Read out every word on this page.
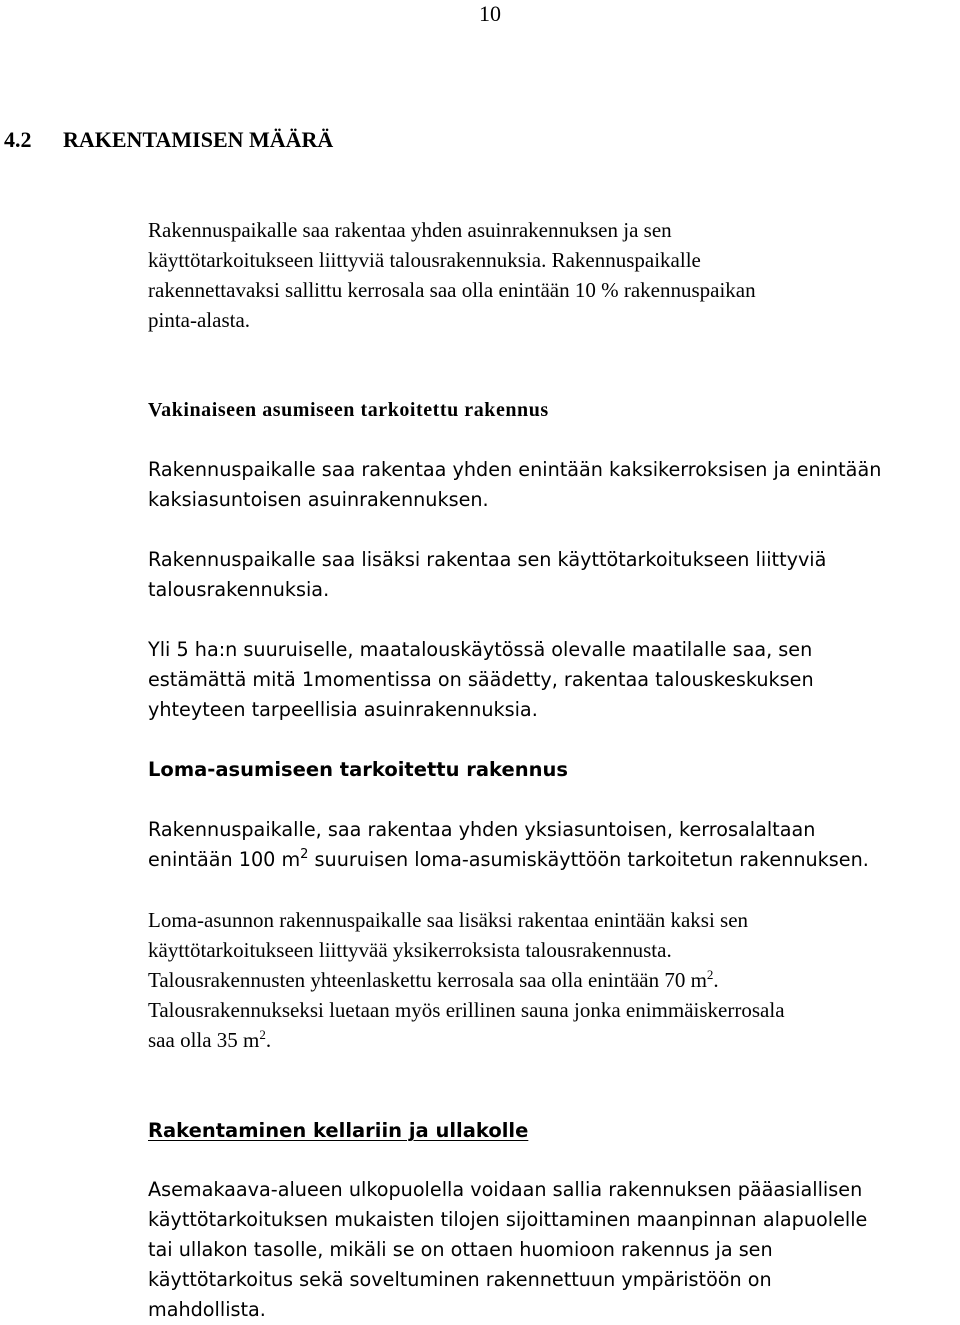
10
4.2 RAKENTAMISEN MÄÄRÄ

Rakennuspaikalle saa rakentaa yhden asuinrakennuksen ja sen
käyttötarkoitukseen liittyviä talousrakennuksia. Rakennuspaikalle
rakennettavaksi sallittu kerrosala saa olla enintään 10 % rakennuspaikan
pinta-alasta.

Vakinaiseen asumiseen tarkoitettu rakennus

Rakennuspaikalle saa rakentaa yhden enintään kaksikerroksisen ja enintään
kaksiasuntoisen asuinrakennuksen.

Rakennuspaikalle saa lisäksi rakentaa sen käyttötarkoitukseen liittyviä
talousrakennuksia.

Yli 5 ha:n suuruiselle, maatalouskäytössä olevalle maatilalle saa, sen
estämättä mitä 1momentissa on säädetty, rakentaa talouskeskuksen
yhteyteen tarpeellisia asuinrakennuksia.

Loma-asumiseen tarkoitettu rakennus

Rakennuspaikalle, saa rakentaa yhden yksiasuntoisen, kerrosalaltaan
enintään 100 $m^2$ suuruisen loma-asumiskäyttöön tarkoitetun rakennuksen.

Loma-asunnon rakennuspaikalle saa lisäksi rakentaa enintään kaksi sen
käyttötarkoitukseen liittyvää yksikerroksista talousrakennusta.
Talousrakennusten yhteenlaskettu kerrosala saa olla enintään 70 $m^2$.
Talousrakennukseksi luetaan myös erillinen sauna jonka enimmäiskerrosala
saa olla 35 $m^2$.

Rakentaminen kellariin ja ullakolle

Asemakaava-alueen ulkopuolella voidaan sallia rakennuksen pääasiallisen
käyttötarkoituksen mukaisten tilojen sijoittaminen maanpinnan alapuolelle
tai ullakon tasolle, mikäli se on ottaen huomioon rakennus ja sen
käyttötarkoitus sekä soveltuminen rakennettuun ympäristöön on
mahdollista.
